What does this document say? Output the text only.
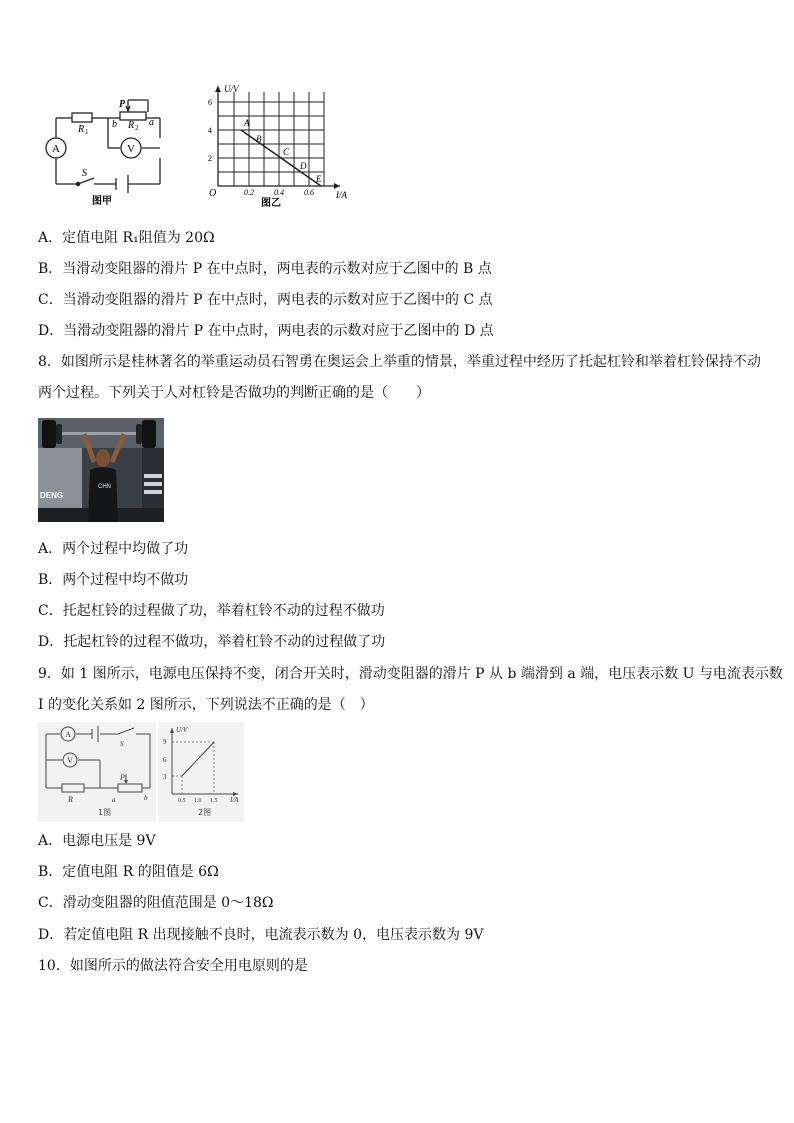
A	V
R 1
R 2
P
b	a
S
图甲
U/V
I/A
O
6
4
2
0.2	0.4	0.6
A
B
C
D
E
图乙
A．定值电阻 R₁阻值为 20Ω
B．当滑动变阻器的滑片 P 在中点时，两电表的示数对应于乙图中的 B 点
C．当滑动变阻器的滑片 P 在中点时，两电表的示数对应于乙图中的 C 点
D．当滑动变阻器的滑片 P 在中点时，两电表的示数对应于乙图中的 D 点
8．如图所示是桂林著名的举重运动员石智勇在奥运会上举重的情景，举重过程中经历了托起杠铃和举着杠铃保持不动
两个过程。下列关于人对杠铃是否做功的判断正确的是（　　）
DENG
CHN
A．两个过程中均做了功
B．两个过程中均不做功
C．托起杠铃的过程做了功，举着杠铃不动的过程不做功
D．托起杠铃的过程不做功，举着杠铃不动的过程做了功
9．如 1 图所示，电源电压保持不变，闭合开关时，滑动变阻器的滑片 P 从 b 端滑到 a 端，电压表示数 U 与电流表示数
I 的变化关系如 2 图所示，下列说法不正确的是（　）
A
V
S
R
P
a	b
1图
U/V
I/A
9
6
3
0.5 1.0 1.5
2图
A．电源电压是 9V
B．定值电阻 R 的阻值是 6Ω
C．滑动变阻器的阻值范围是 0～18Ω
D．若定值电阻 R 出现接触不良时，电流表示数为 0，电压表示数为 9V
10．如图所示的做法符合安全用电原则的是
